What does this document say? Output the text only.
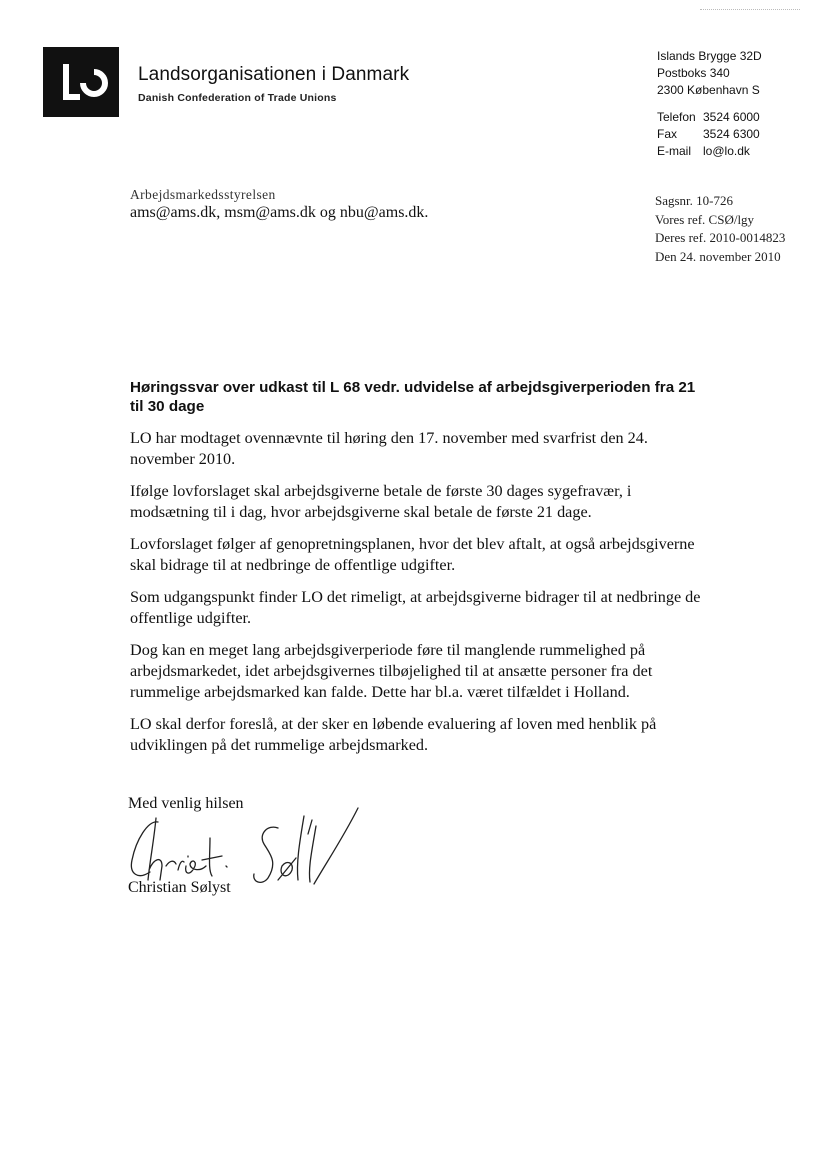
Landsorganisationen i Danmark
Danish Confederation of Trade Unions
Islands Brygge 32D
Postboks 340
2300 København S
Telefon 3524 6000
Fax	3524 6300
E-mail lo@lo.dk
Arbejdsmarkedsstyrelsen
ams@ams.dk, msm@ams.dk og nbu@ams.dk.
Sagsnr. 10-726
Vores ref. CSØ/lgy
Deres ref. 2010-0014823
Den 24. november 2010
Høringssvar over udkast til L 68 vedr. udvidelse af arbejdsgiverperioden fra 21 til 30 dage

LO har modtaget ovennævnte til høring den 17. november med svarfrist den 24. november 2010.

Ifølge lovforslaget skal arbejdsgiverne betale de første 30 dages sygefravær, i modsætning til i dag, hvor arbejdsgiverne skal betale de første 21 dage.

Lovforslaget følger af genopretningsplanen, hvor det blev aftalt, at også arbejdsgiverne skal bidrage til at nedbringe de offentlige udgifter.

Som udgangspunkt finder LO det rimeligt, at arbejdsgiverne bidrager til at nedbringe de offentlige udgifter.

Dog kan en meget lang arbejdsgiverperiode føre til manglende rummelighed på arbejdsmarkedet, idet arbejdsgivernes tilbøjelighed til at ansætte personer fra det rummelige arbejdsmarked kan falde. Dette har bl.a. været tilfældet i Holland.

LO skal derfor foreslå, at der sker en løbende evaluering af loven med henblik på udviklingen på det rummelige arbejdsmarked.

Med venlig hilsen
Christian Sølyst
